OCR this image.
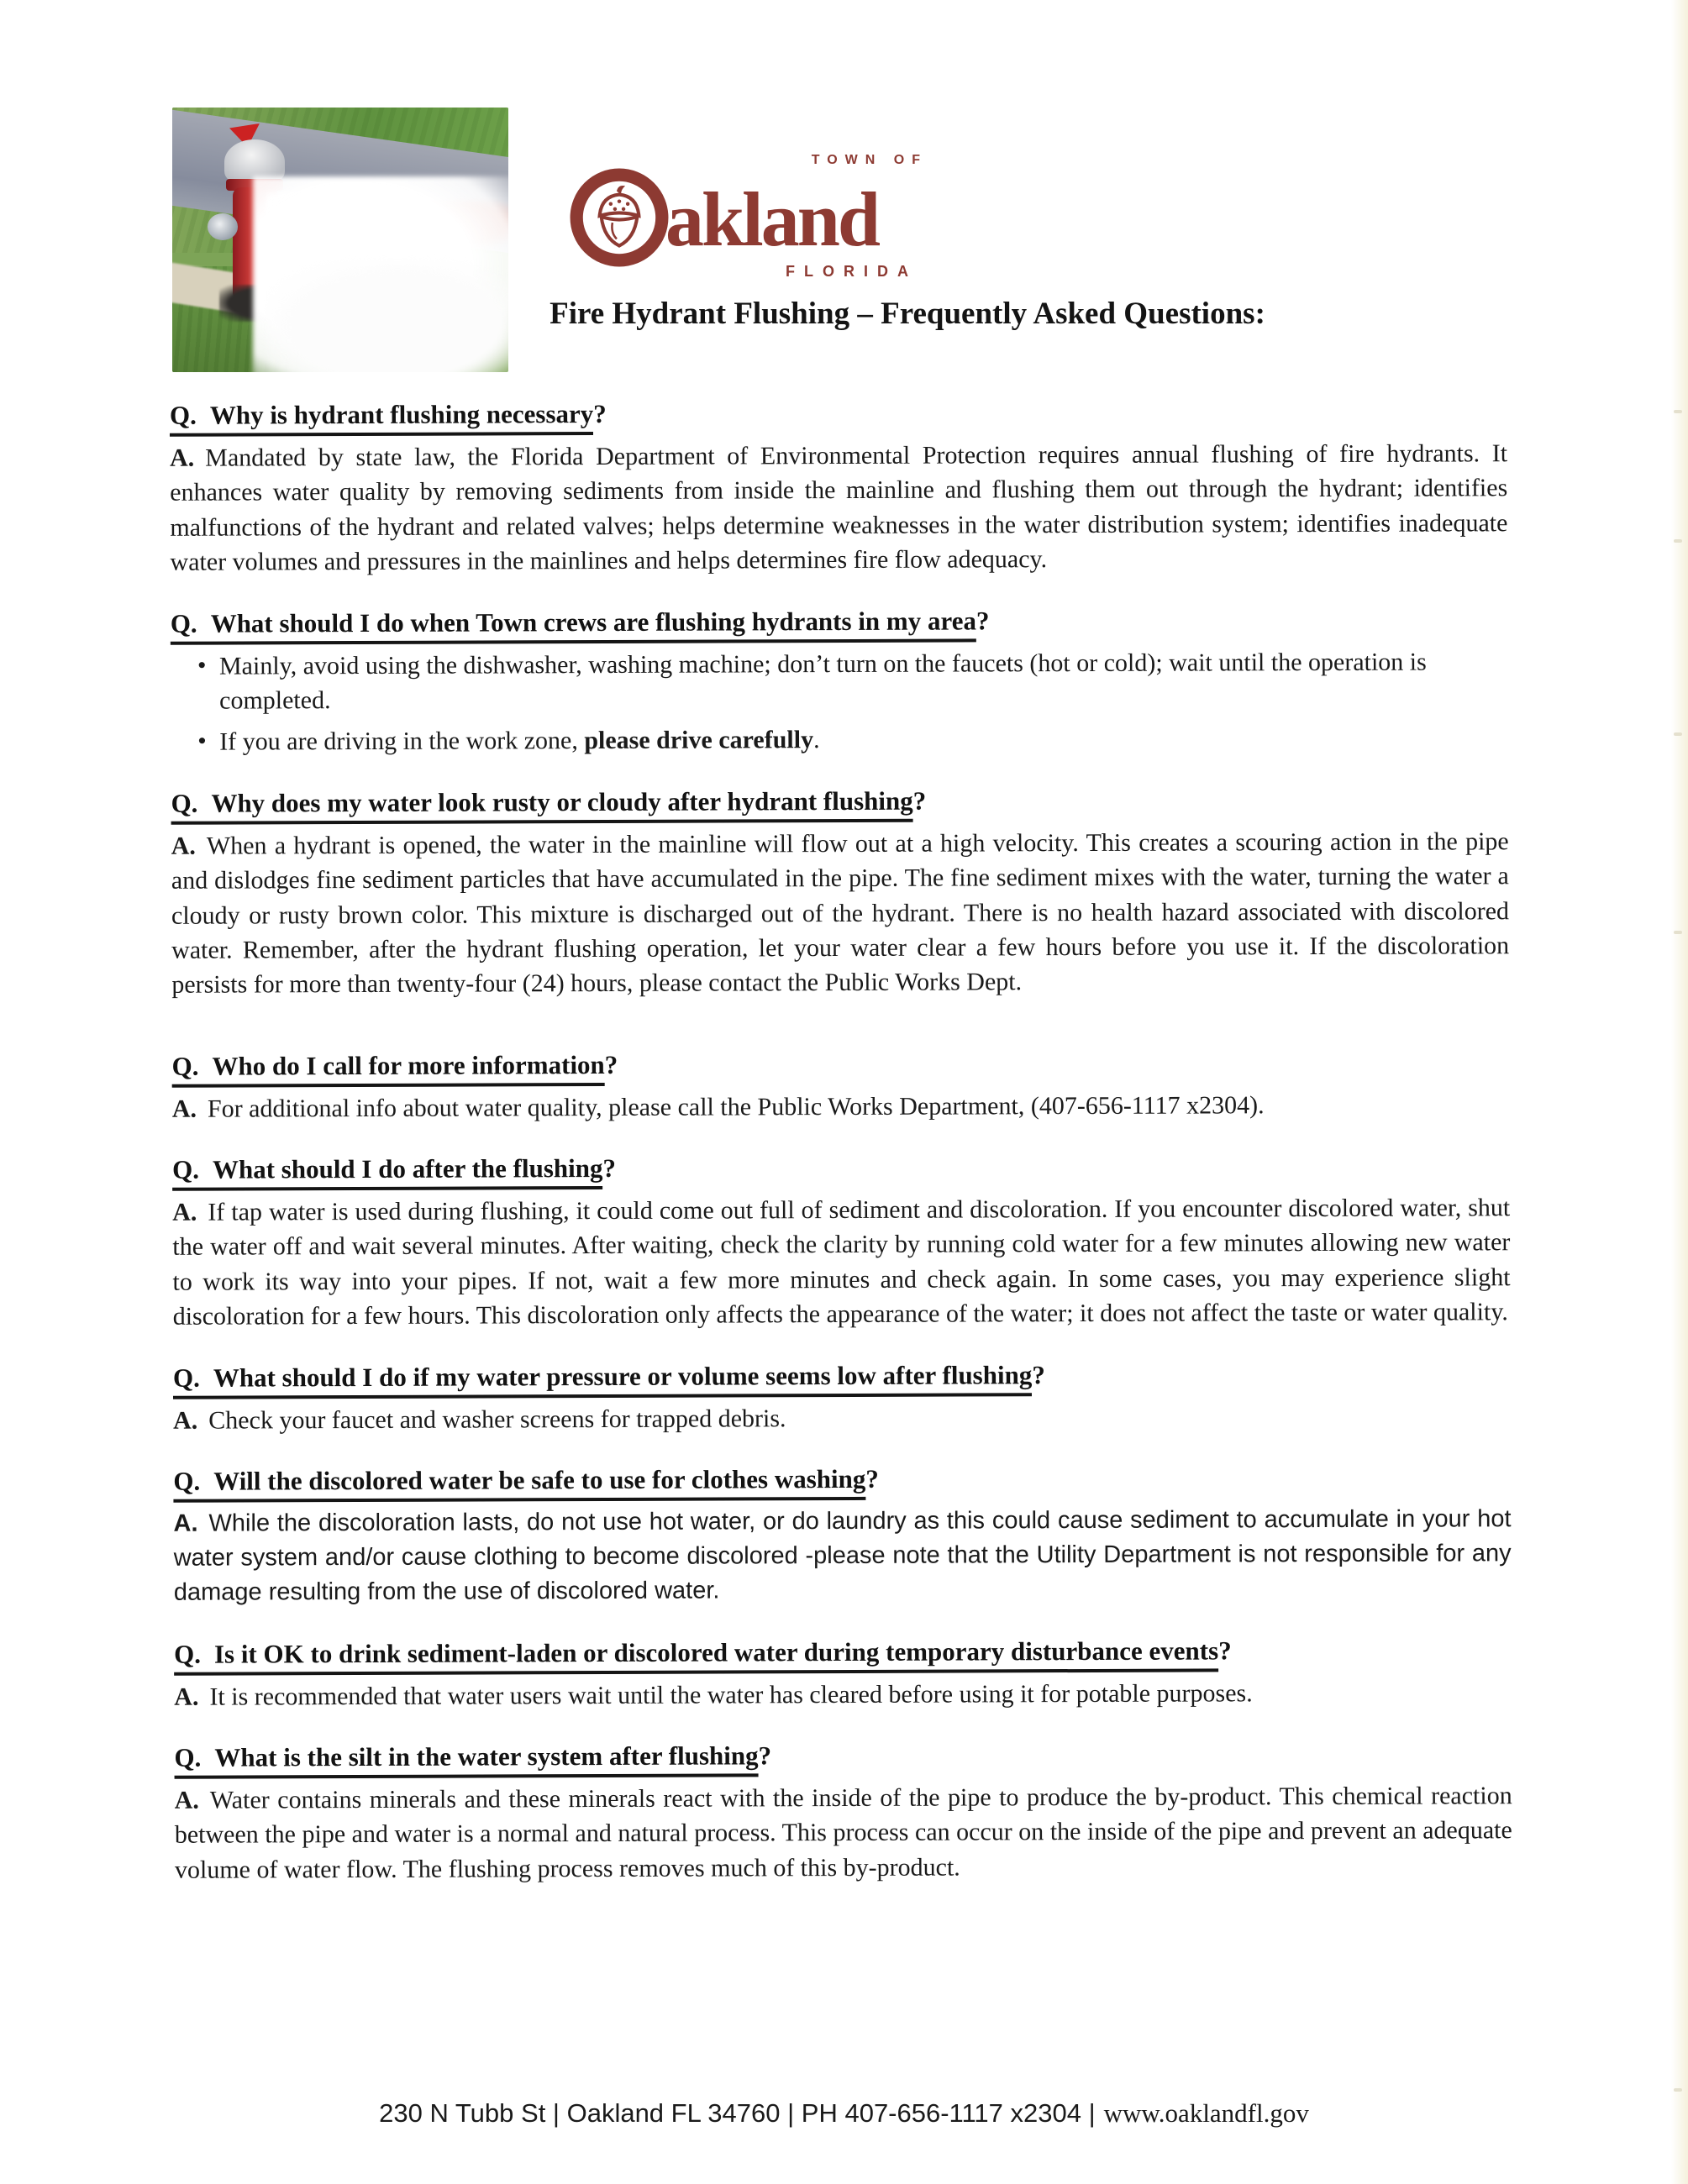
akland
TOWN OF
FLORIDA
Fire Hydrant Flushing – Frequently Asked Questions:
Q. Why is hydrant flushing necessary?

A. Mandated by state law, the Florida Department of Environmental Protection requires annual flushing of fire hydrants. It enhances water quality by removing sediments from inside the mainline and flushing them out through the hydrant; identifies malfunctions of the hydrant and related valves; helps determine weaknesses in the water distribution system; identifies inadequate water volumes and pressures in the mainlines and helps determines fire flow adequacy.

Q. What should I do when Town crews are flushing hydrants in my area?
• Mainly, avoid using the dishwasher, washing machine; don’t turn on the faucets (hot or cold); wait until the operation is completed.
• If you are driving in the work zone, please drive carefully.
Q. Why does my water look rusty or cloudy after hydrant flushing?

A. When a hydrant is opened, the water in the mainline will flow out at a high velocity. This creates a scouring action in the pipe and dislodges fine sediment particles that have accumulated in the pipe. The fine sediment mixes with the water, turning the water a cloudy or rusty brown color. This mixture is discharged out of the hydrant. There is no health hazard associated with discolored water. Remember, after the hydrant flushing operation, let your water clear a few hours before you use it. If the discoloration persists for more than twenty-four (24) hours, please contact the Public Works Dept.

Q. Who do I call for more information?

A. For additional info about water quality, please call the Public Works Department, (407-656-1117 x2304).

Q. What should I do after the flushing?

A. If tap water is used during flushing, it could come out full of sediment and discoloration. If you encounter discolored water, shut the water off and wait several minutes. After waiting, check the clarity by running cold water for a few minutes allowing new water to work its way into your pipes. If not, wait a few more minutes and check again. In some cases, you may experience slight discoloration for a few hours. This discoloration only affects the appearance of the water; it does not affect the taste or water quality.

Q. What should I do if my water pressure or volume seems low after flushing?

A. Check your faucet and washer screens for trapped debris.

Q. Will the discolored water be safe to use for clothes washing?

A. While the discoloration lasts, do not use hot water, or do laundry as this could cause sediment to accumulate in your hot water system and/or cause clothing to become discolored -please note that the Utility Department is not responsible for any damage resulting from the use of discolored water.

Q. Is it OK to drink sediment-laden or discolored water during temporary disturbance events?

A. It is recommended that water users wait until the water has cleared before using it for potable purposes.

Q. What is the silt in the water system after flushing?

A. Water contains minerals and these minerals react with the inside of the pipe to produce the by-product. This chemical reaction between the pipe and water is a normal and natural process. This process can occur on the inside of the pipe and prevent an adequate volume of water flow. The flushing process removes much of this by-product.

230 N Tubb St | Oakland FL 34760 | PH 407-656-1117 x2304 | www.oaklandfl.gov
